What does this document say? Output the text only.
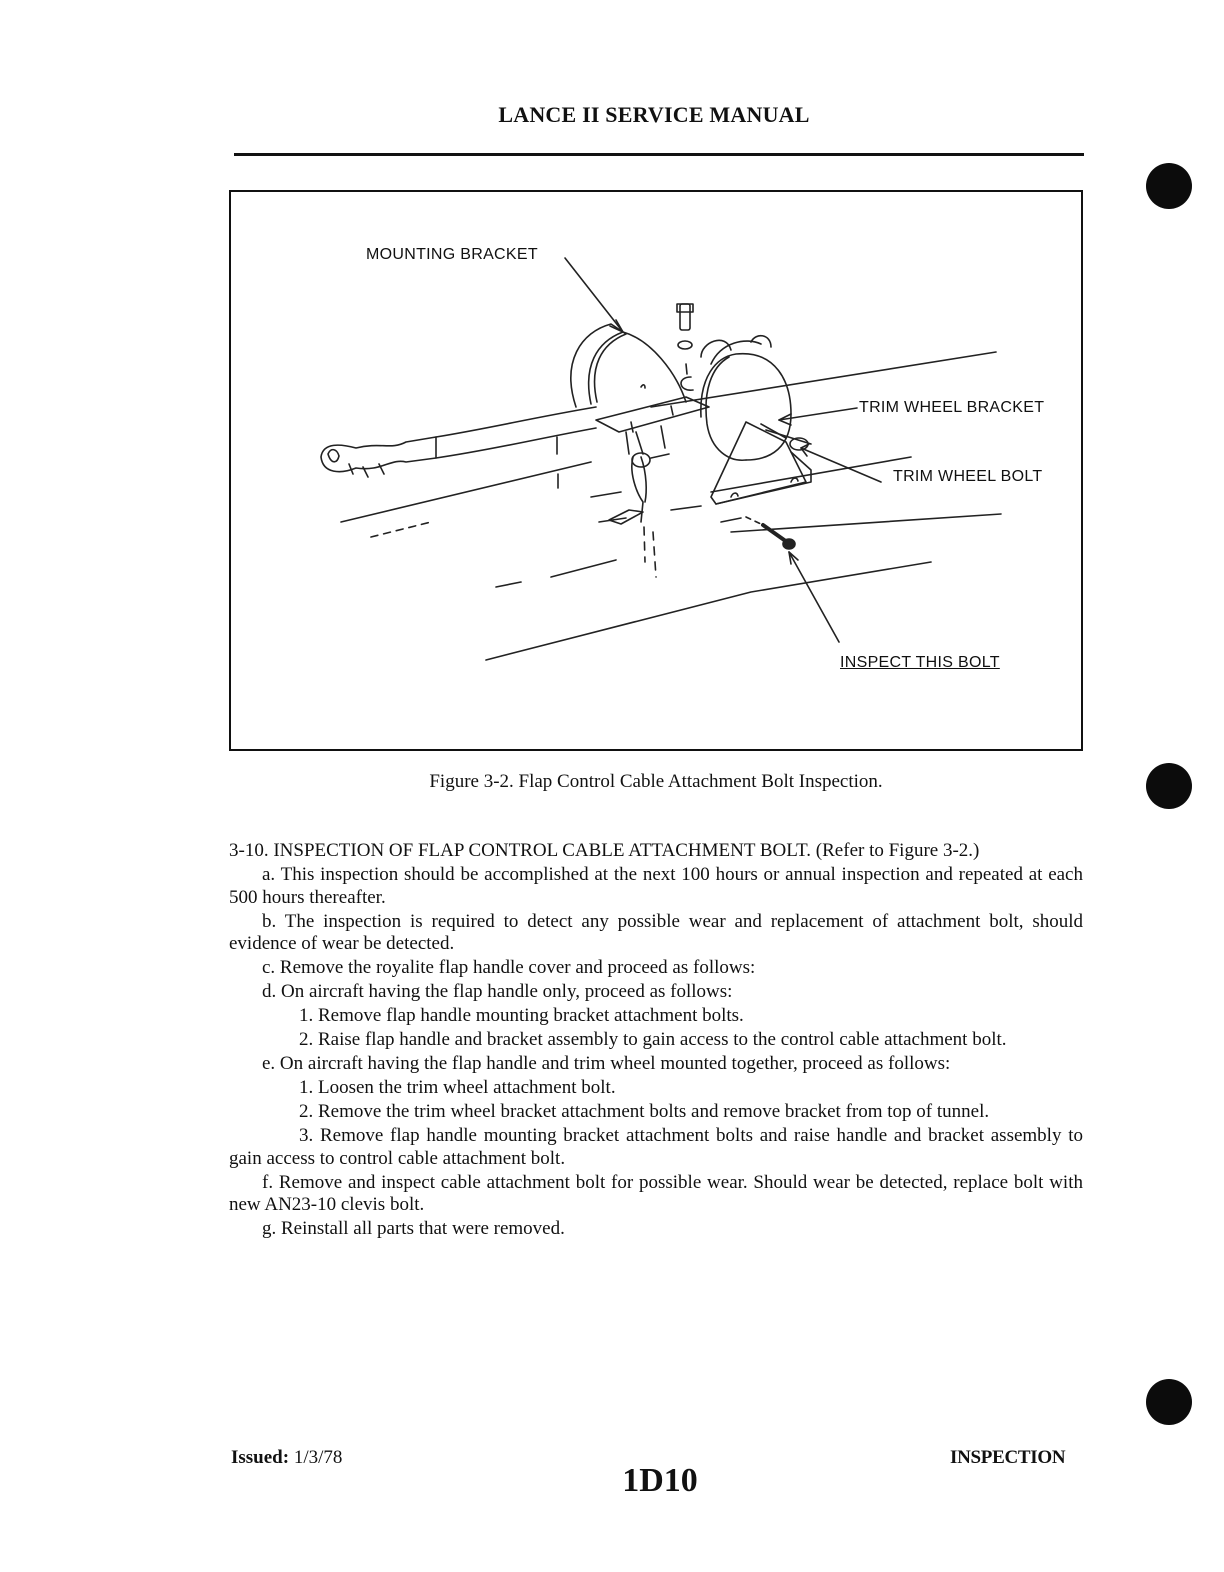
LANCE II SERVICE MANUAL
MOUNTING BRACKET
TRIM WHEEL BRACKET
TRIM WHEEL BOLT
INSPECT THIS BOLT
Figure 3-2. Flap Control Cable Attachment Bolt Inspection.

3-10. INSPECTION OF FLAP CONTROL CABLE ATTACHMENT BOLT. (Refer to Figure 3-2.)

a. This inspection should be accomplished at the next 100 hours or annual inspection and repeated at each 500 hours thereafter.

b. The inspection is required to detect any possible wear and replacement of attachment bolt, should evidence of wear be detected.

c. Remove the royalite flap handle cover and proceed as follows:

d. On aircraft having the flap handle only, proceed as follows:

1. Remove flap handle mounting bracket attachment bolts.

2. Raise flap handle and bracket assembly to gain access to the control cable attachment bolt.

e. On aircraft having the flap handle and trim wheel mounted together, proceed as follows:

1. Loosen the trim wheel attachment bolt.

2. Remove the trim wheel bracket attachment bolts and remove bracket from top of tunnel.

3. Remove flap handle mounting bracket attachment bolts and raise handle and bracket assembly to gain access to control cable attachment bolt.

f. Remove and inspect cable attachment bolt for possible wear. Should wear be detected, replace bolt with new AN23-10 clevis bolt.

g. Reinstall all parts that were removed.

Issued: 1/3/78
1D10
INSPECTION
